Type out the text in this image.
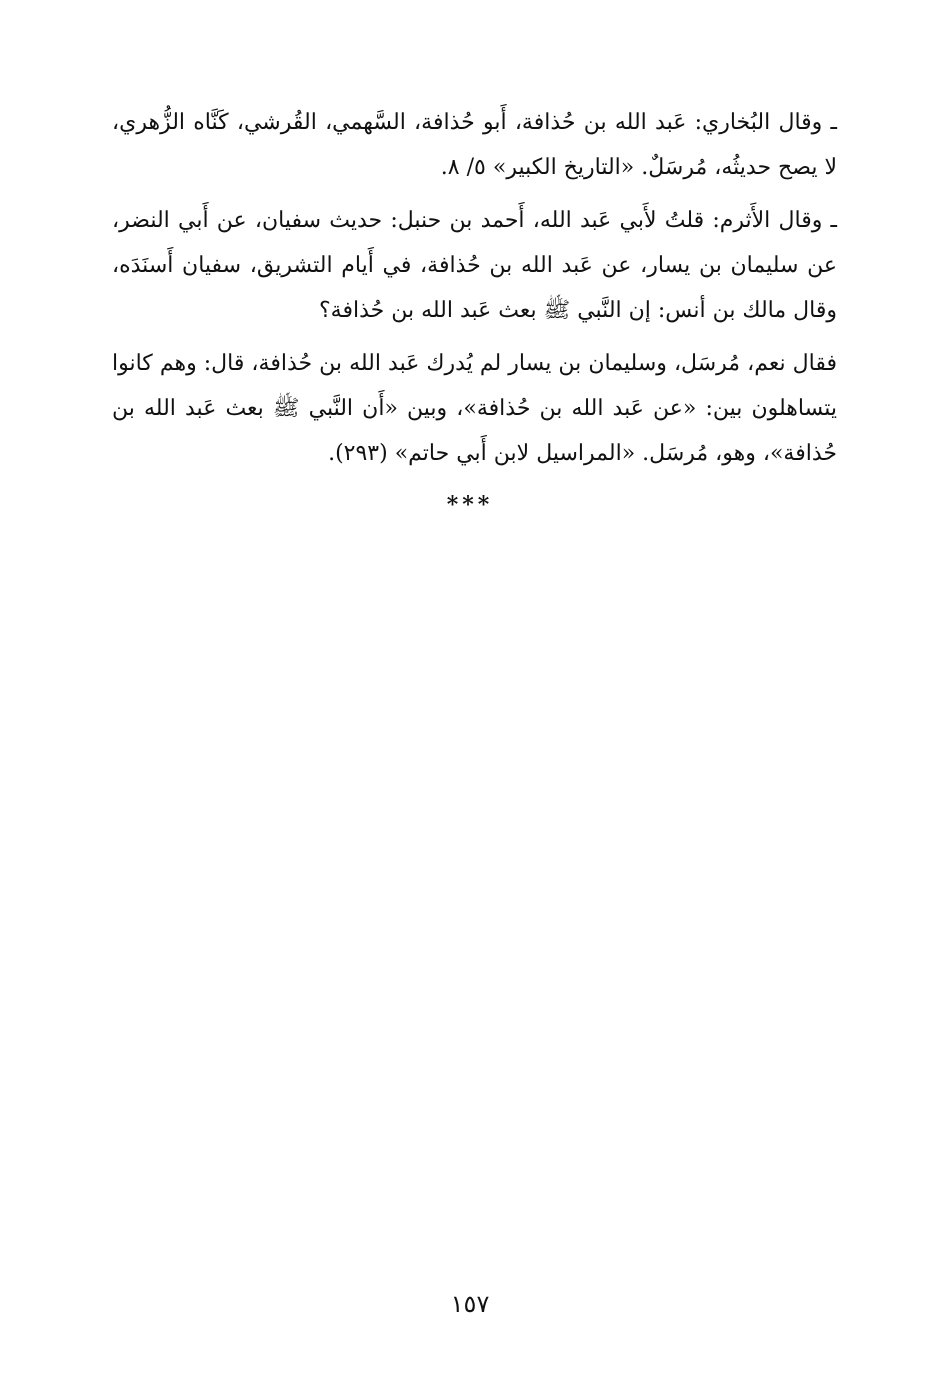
ـ وقال البُخاري: عَبد الله بن حُذافة، أَبو حُذافة، السَّهمي، القُرشي، كَنَّاه الزُّهري، لا يصح حديثُه، مُرسَلٌ. «التاريخ الكبير» ٥/ ٨.

ـ وقال الأَثرم: قلتُ لأَبي عَبد الله، أَحمد بن حنبل: حديث سفيان، عن أَبي النضر، عن سليمان بن يسار، عن عَبد الله بن حُذافة، في أَيام التشريق، سفيان أَسنَدَه، وقال مالك بن أنس: إن النَّبي ﷺ بعث عَبد الله بن حُذافة؟

فقال نعم، مُرسَل، وسليمان بن يسار لم يُدرك عَبد الله بن حُذافة، قال: وهم كانوا يتساهلون بين: «عن عَبد الله بن حُذافة»، وبين «أَن النَّبي ﷺ بعث عَبد الله بن حُذافة»، وهو، مُرسَل. «المراسيل لابن أَبي حاتم» (٢٩٣).

***
١٥٧
